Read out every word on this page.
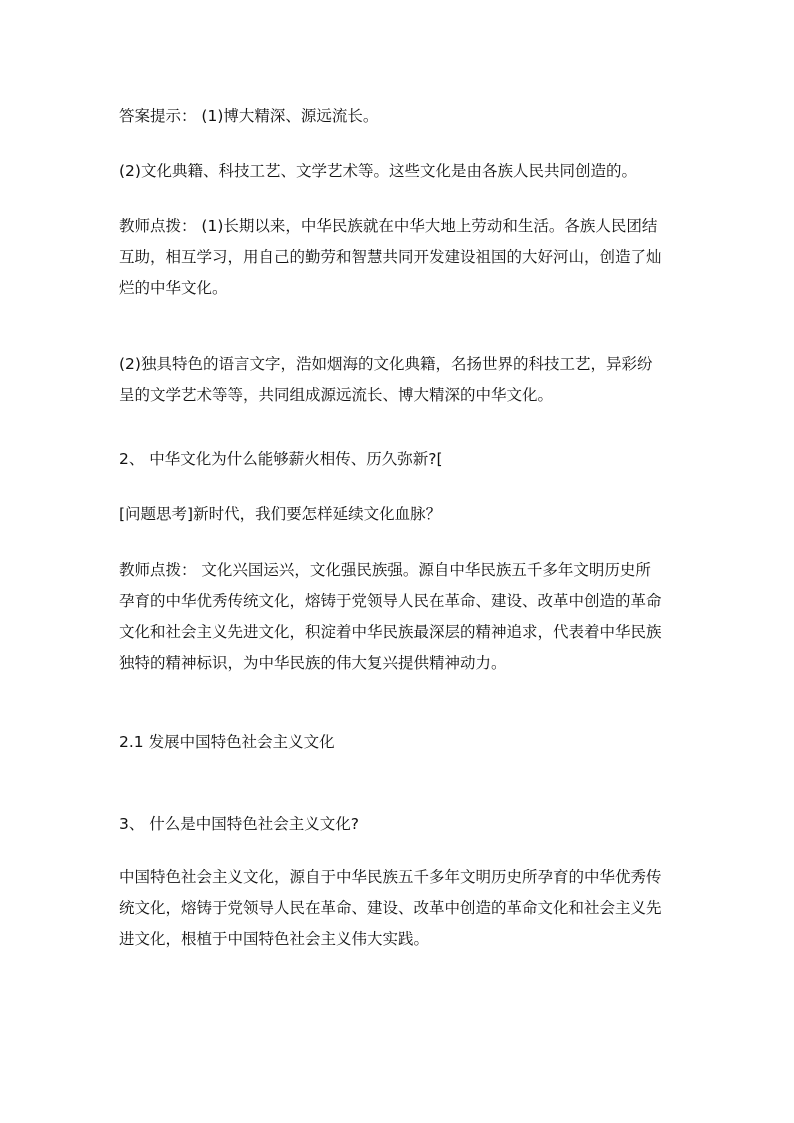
答案提示： (1)博大精深、源远流长。
(2)文化典籍、科技工艺、文学艺术等。这些文化是由各族人民共同创造的。
教师点拨： (1)长期以来，中华民族就在中华大地上劳动和生活。各族人民团结
互助，相互学习，用自己的勤劳和智慧共同开发建设祖国的大好河山，创造了灿
烂的中华文化。
(2)独具特色的语言文字，浩如烟海的文化典籍，名扬世界的科技工艺，异彩纷
呈的文学艺术等等，共同组成源远流长、博大精深的中华文化。
2、 中华文化为什么能够薪火相传、历久弥新?[
[问题思考]新时代，我们要怎样延续文化血脉？
教师点拨： 文化兴国运兴，文化强民族强。源自中华民族五千多年文明历史所
孕育的中华优秀传统文化，熔铸于党领导人民在革命、建设、改革中创造的革命
文化和社会主义先进文化，积淀着中华民族最深层的精神追求，代表着中华民族
独特的精神标识，为中华民族的伟大复兴提供精神动力。
2.1 发展中国特色社会主义文化
3、 什么是中国特色社会主义文化?
中国特色社会主义文化，源自于中华民族五千多年文明历史所孕育的中华优秀传
统文化，熔铸于党领导人民在革命、建设、改革中创造的革命文化和社会主义先
进文化，根植于中国特色社会主义伟大实践。
